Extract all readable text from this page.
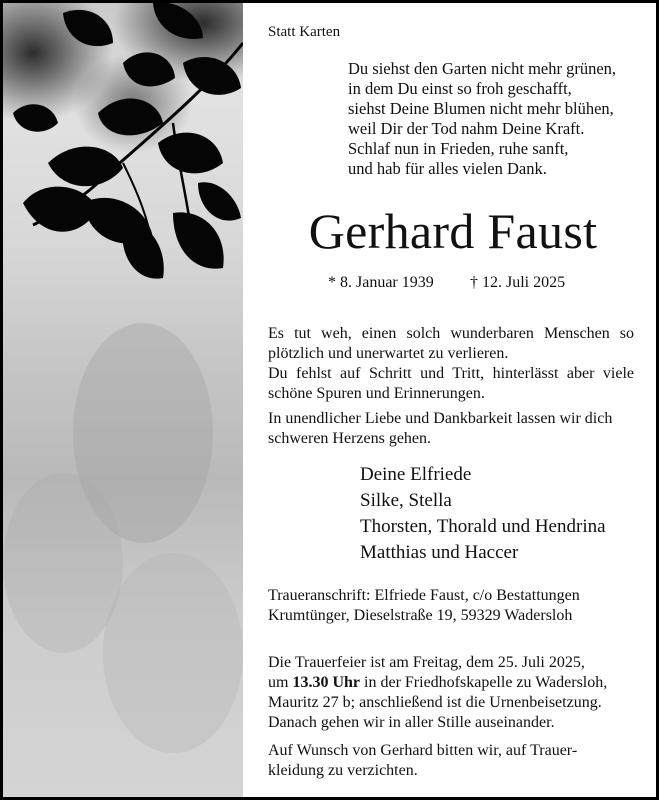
Statt Karten
Du siehst den Garten nicht mehr grünen,
in dem Du einst so froh geschafft,
siehst Deine Blumen nicht mehr blühen,
weil Dir der Tod nahm Deine Kraft.
Schlaf nun in Frieden, ruhe sanft,
und hab für alles vielen Dank.
Gerhard Faust
* 8. Januar 1939 † 12. Juli 2025
Es tut weh, einen solch wunderbaren Menschen so
plötzlich und unerwartet zu verlieren.
Du fehlst auf Schritt und Tritt, hinterlässt aber viele
schöne Spuren und Erinnerungen.
In unendlicher Liebe und Dankbarkeit lassen wir dich
schweren Herzens gehen.
Deine Elfriede
Silke, Stella
Thorsten, Thorald und Hendrina
Matthias und Haccer
Traueranschrift: Elfriede Faust, c/o Bestattungen
Krumtünger, Dieselstraße 19, 59329 Wadersloh
Die Trauerfeier ist am Freitag, dem 25. Juli 2025,
um 13.30 Uhr in der Friedhofskapelle zu Wadersloh,
Mauritz 27 b; anschließend ist die Urnenbeisetzung.
Danach gehen wir in aller Stille auseinander.
Auf Wunsch von Gerhard bitten wir, auf Trauer-
kleidung zu verzichten.
